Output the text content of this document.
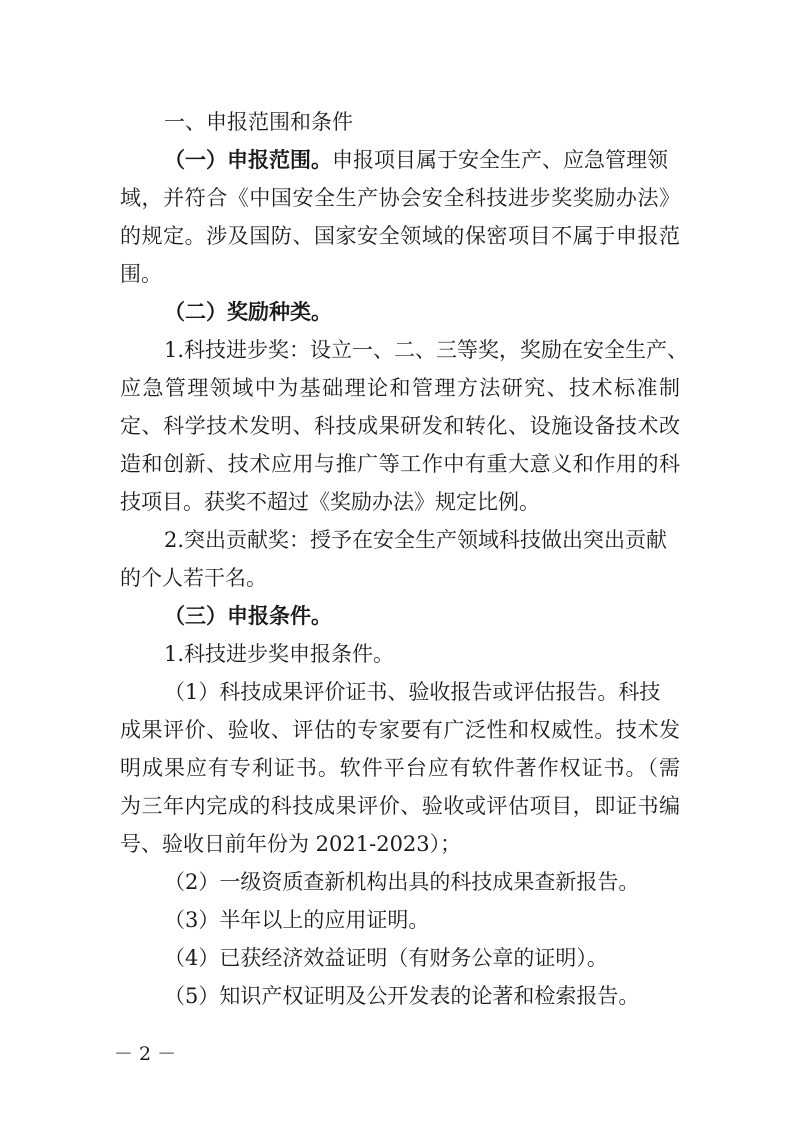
一、申报范围和条件
（一）申报范围。申报项目属于安全生产、应急管理领
域，并符合《中国安全生产协会安全科技进步奖奖励办法》
的规定。涉及国防、国家安全领域的保密项目不属于申报范
围。
（二）奖励种类。
1.科技进步奖：设立一、二、三等奖，奖励在安全生产、
应急管理领域中为基础理论和管理方法研究、技术标准制
定、科学技术发明、科技成果研发和转化、设施设备技术改
造和创新、技术应用与推广等工作中有重大意义和作用的科
技项目。获奖不超过《奖励办法》规定比例。
2.突出贡献奖：授予在安全生产领域科技做出突出贡献
的个人若干名。
（三）申报条件。
1.科技进步奖申报条件。
（1）科技成果评价证书、验收报告或评估报告。科技
成果评价、验收、评估的专家要有广泛性和权威性。技术发
明成果应有专利证书。软件平台应有软件著作权证书。（需
为三年内完成的科技成果评价、验收或评估项目，即证书编
号、验收日前年份为 2021-2023）；
（2）一级资质查新机构出具的科技成果查新报告。
（3）半年以上的应用证明。
（4）已获经济效益证明（有财务公章的证明）。
（5）知识产权证明及公开发表的论著和检索报告。
－ 2 －
